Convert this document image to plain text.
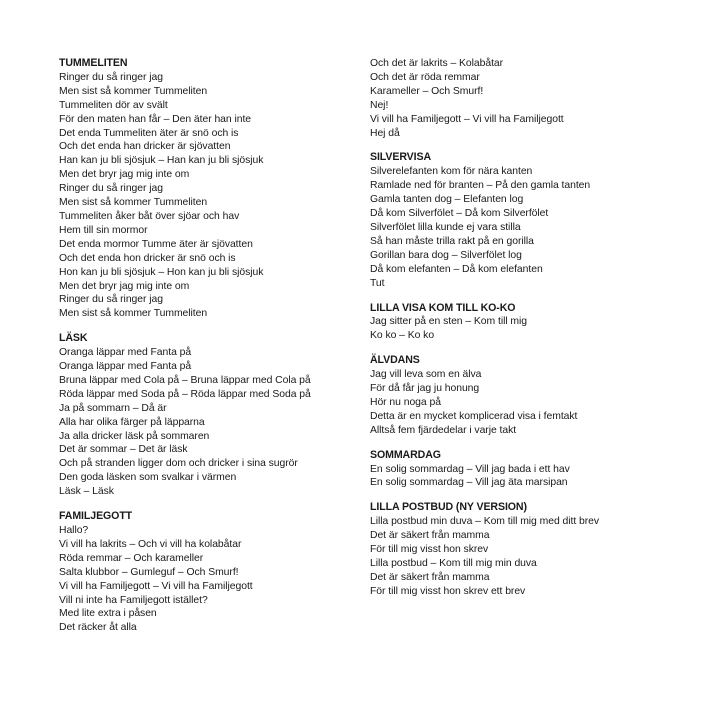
TUMMELITEN
Ringer du så ringer jag
Men sist så kommer Tummeliten
Tummeliten dör av svält
För den maten han får – Den äter han inte
Det enda Tummeliten äter är snö och is
Och det enda han dricker är sjövatten
Han kan ju bli sjösjuk – Han kan ju bli sjösjuk
Men det bryr jag mig inte om
Ringer du så ringer jag
Men sist så kommer Tummeliten
Tummeliten åker båt över sjöar och hav
Hem till sin mormor
Det enda mormor Tumme äter är sjövatten
Och det enda hon dricker är snö och is
Hon kan ju bli sjösjuk – Hon kan ju bli sjösjuk
Men det bryr jag mig inte om
Ringer du så ringer jag
Men sist så kommer Tummeliten
LÄSK
Oranga läppar med Fanta på
Oranga läppar med Fanta på
Bruna läppar med Cola på – Bruna läppar med Cola på
Röda läppar med Soda på – Röda läppar med Soda på
Ja på sommarn – Då är
Alla har olika färger på läpparna
Ja alla dricker läsk på sommaren
Det är sommar – Det är läsk
Och på stranden ligger dom och dricker i sina sugrör
Den goda läsken som svalkar i värmen
Läsk – Läsk
FAMILJEGOTT
Hallo?
Vi vill ha lakrits – Och vi vill ha kolabåtar
Röda remmar – Och karameller
Salta klubbor – Gumleguf – Och Smurf!
Vi vill ha Familjegott – Vi vill ha Familjegott
Vill ni inte ha Familjegott istället?
Med lite extra i påsen
Det räcker åt alla
Och det är lakrits – Kolabåtar
Och det är röda remmar
Karameller – Och Smurf!
Nej!
Vi vill ha Familjegott – Vi vill ha Familjegott
Hej då
SILVERVISA
Silverelefanten kom för nära kanten
Ramlade ned för branten – På den gamla tanten
Gamla tanten dog – Elefanten log
Då kom Silverfölet – Då kom Silverfölet
Silverfölet lilla kunde ej vara stilla
Så han måste trilla rakt på en gorilla
Gorillan bara dog – Silverfölet log
Då kom elefanten – Då kom elefanten
Tut
LILLA VISA KOM TILL KO-KO
Jag sitter på en sten – Kom till mig
Ko ko – Ko ko
ÄLVDANS
Jag vill leva som en älva
För då får jag ju honung
Hör nu noga på
Detta är en mycket komplicerad visa i femtakt
Alltså fem fjärdedelar i varje takt
SOMMARDAG
En solig sommardag – Vill jag bada i ett hav
En solig sommardag – Vill jag äta marsipan
LILLA POSTBUD (NY VERSION)
Lilla postbud min duva – Kom till mig med ditt brev
Det är säkert från mamma
För till mig visst hon skrev
Lilla postbud – Kom till mig min duva
Det är säkert från mamma
För till mig visst hon skrev ett brev
